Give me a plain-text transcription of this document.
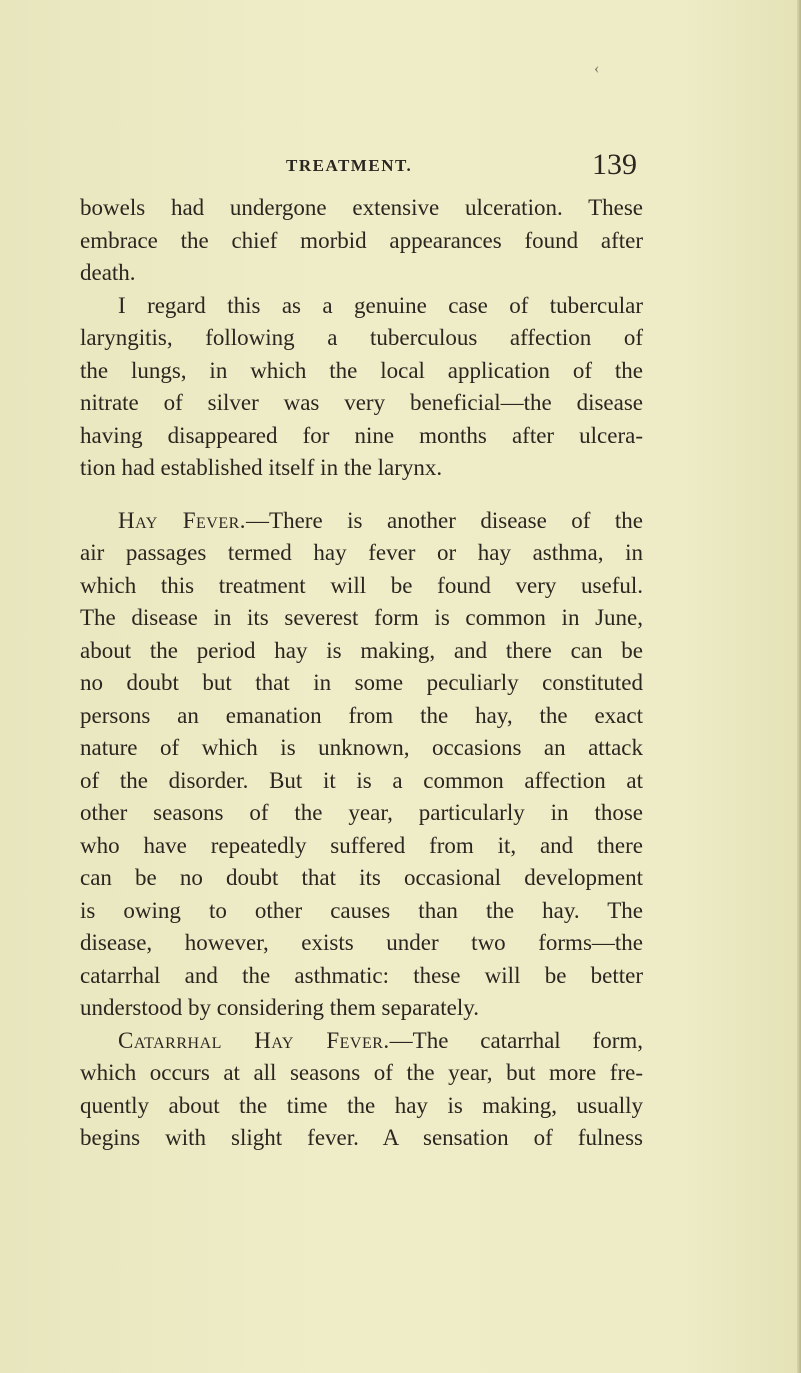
‹
TREATMENT.	139
bowels had undergone extensive ulceration. These
embrace the chief morbid appearances found after
death.
I regard this as a genuine case of tubercular
laryngitis, following a tuberculous affection of
the lungs, in which the local application of the
nitrate of silver was very beneficial—the disease
having disappeared for nine months after ulcera-
tion had established itself in the larynx.
Hay Fever.—There is another disease of the
air passages termed hay fever or hay asthma, in
which this treatment will be found very useful.
The disease in its severest form is common in June,
about the period hay is making, and there can be
no doubt but that in some peculiarly constituted
persons an emanation from the hay, the exact
nature of which is unknown, occasions an attack
of the disorder. But it is a common affection at
other seasons of the year, particularly in those
who have repeatedly suffered from it, and there
can be no doubt that its occasional development
is owing to other causes than the hay. The
disease, however, exists under two forms—the
catarrhal and the asthmatic: these will be better
understood by considering them separately.
Catarrhal Hay Fever.—The catarrhal form,
which occurs at all seasons of the year, but more fre-
quently about the time the hay is making, usually
begins with slight fever. A sensation of fulness
